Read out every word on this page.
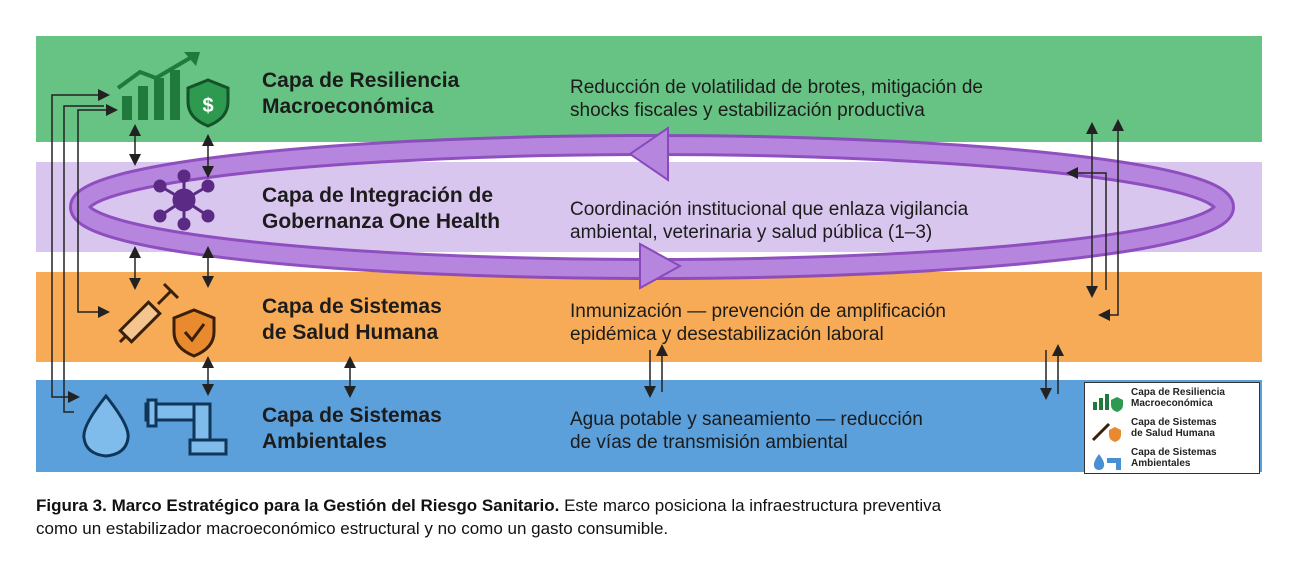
$
Capa de Resiliencia
Macroeconómica
Reducción de volatilidad de brotes, mitigación de
shocks fiscales y estabilización productiva
Capa de Integración de
Gobernanza One Health
Coordinación institucional que enlaza vigilancia
ambiental, veterinaria y salud pública (1–3)
Capa de Sistemas
de Salud Humana
Inmunización — prevención de amplificación
epidémica y desestabilización laboral
Capa de Sistemas
Ambientales
Agua potable y saneamiento — reducción
de vías de transmisión ambiental
Capa de Resiliencia
Macroeconómica
Capa de Sistemas
de Salud Humana
Capa de Sistemas
Ambientales
Figura 3. Marco Estratégico para la Gestión del Riesgo Sanitario. Este marco posiciona la infraestructura preventiva
como un estabilizador macroeconómico estructural y no como un gasto consumible.
